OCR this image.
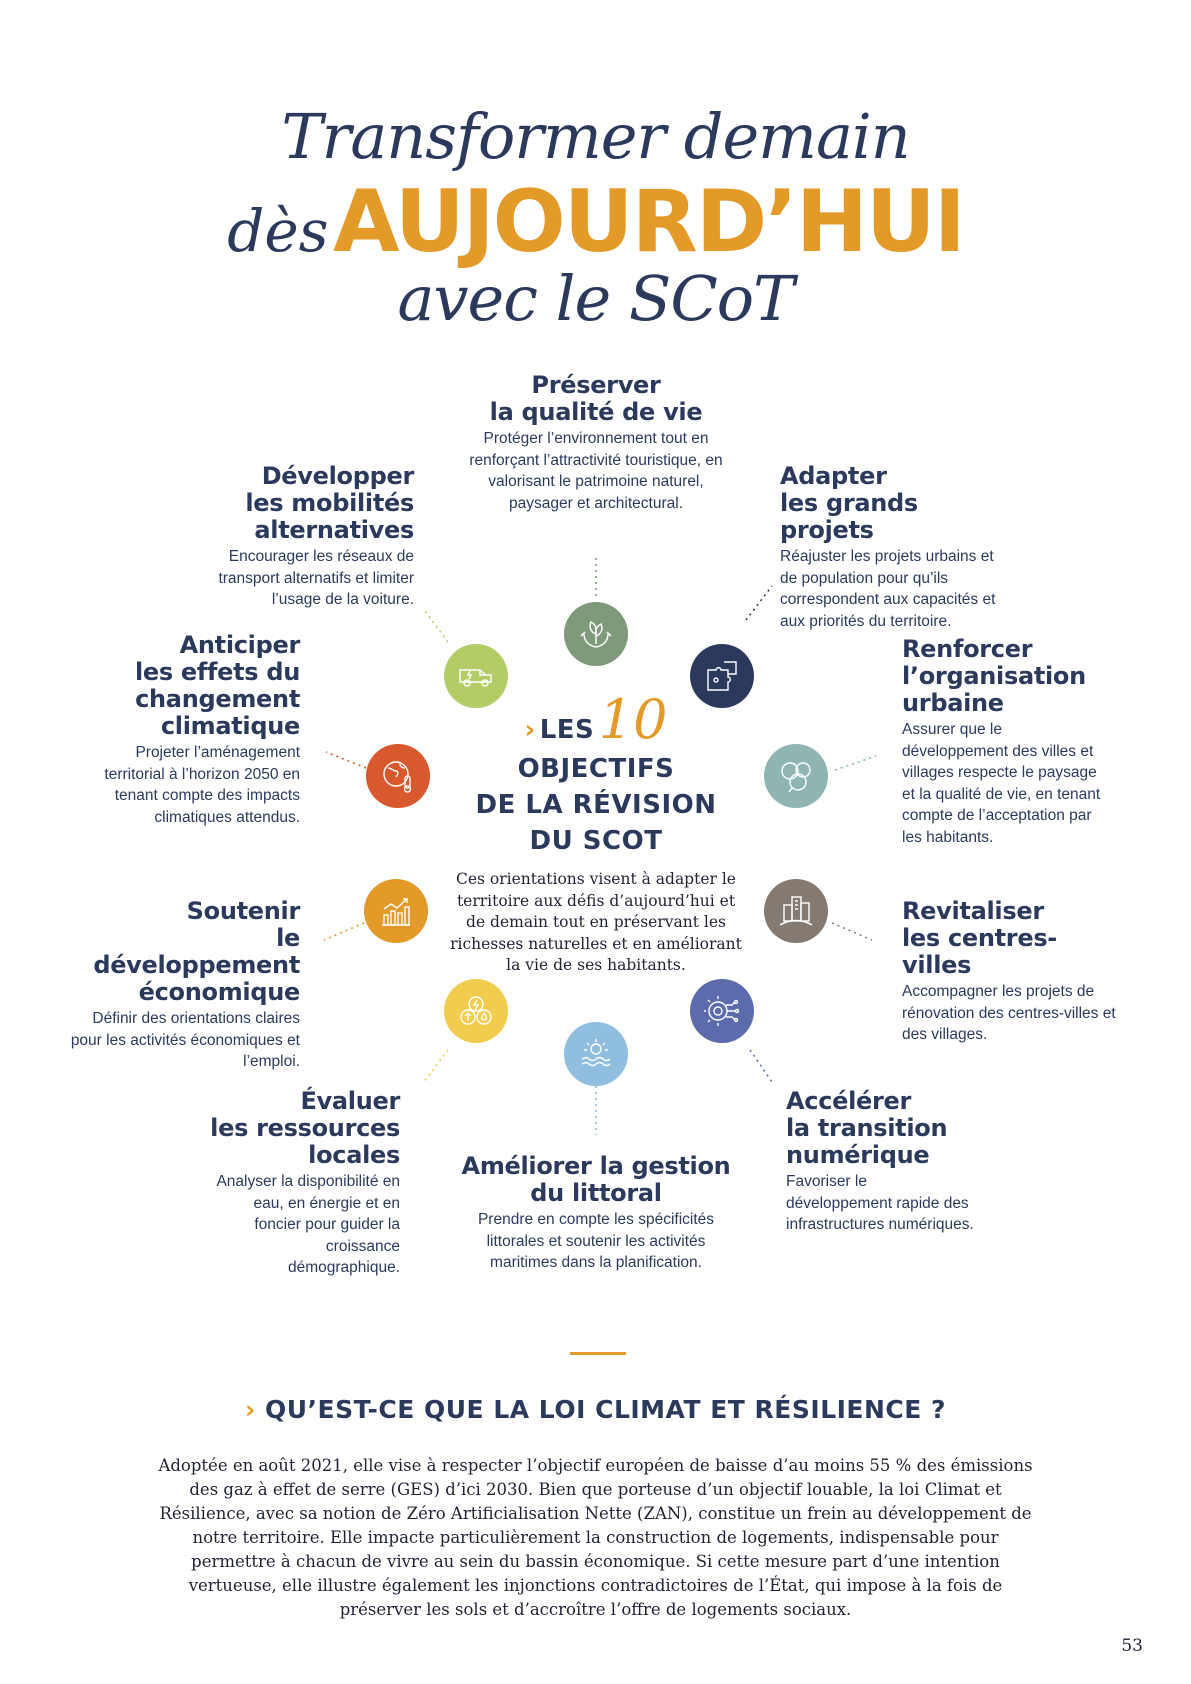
Transformer demain
dès AUJOURD’HUI
avec le SCoT
› LES 10
OBJECTIFS
DE LA RÉVISION
DU SCOT
Ces orientations visent à adapter le territoire aux défis d’aujourd’hui et de demain tout en préservant les richesses naturelles et en améliorant la vie de ses habitants.
Préserver
la qualité de vie

Protéger l’environnement tout en renforçant l’attractivité touristique, en valorisant le patrimoine naturel, paysager et architectural.

Adapter
les grands projets

Réajuster les projets urbains et de population pour qu’ils correspondent aux capacités et aux priorités du territoire.

Renforcer
l’organisation
urbaine

Assurer que le développement des villes et villages respecte le paysage et la qualité de vie, en tenant compte de l’acceptation par les habitants.

Revitaliser
les centres-
villes

Accompagner les projets de rénovation des centres-villes et des villages.

Accélérer
la transition
numérique

Favoriser le développement rapide des infrastructures numériques.

Améliorer la gestion
du littoral

Prendre en compte les spécificités littorales et soutenir les activités maritimes dans la planification.

Évaluer
les ressources
locales

Analyser la disponibilité en eau, en énergie et en foncier pour guider la croissance démographique.

Soutenir
le développement
économique

Définir des orientations claires pour les activités économiques et l’emploi.

Anticiper
les effets du
changement
climatique

Projeter l’aménagement territorial à l’horizon 2050 en tenant compte des impacts climatiques attendus.

Développer
les mobilités
alternatives

Encourager les réseaux de transport alternatifs et limiter l’usage de la voiture.

› QU’EST-CE QUE LA LOI CLIMAT ET RÉSILIENCE ?
Adoptée en août 2021, elle vise à respecter l’objectif européen de baisse d’au moins 55 % des émissions des gaz à effet de serre (GES) d’ici 2030. Bien que porteuse d’un objectif louable, la loi Climat et Résilience, avec sa notion de Zéro Artificialisation Nette (ZAN), constitue un frein au développement de notre territoire. Elle impacte particulièrement la construction de logements, indispensable pour permettre à chacun de vivre au sein du bassin économique. Si cette mesure part d’une intention vertueuse, elle illustre également les injonctions contradictoires de l’État, qui impose à la fois de préserver les sols et d’accroître l’offre de logements sociaux.
53
